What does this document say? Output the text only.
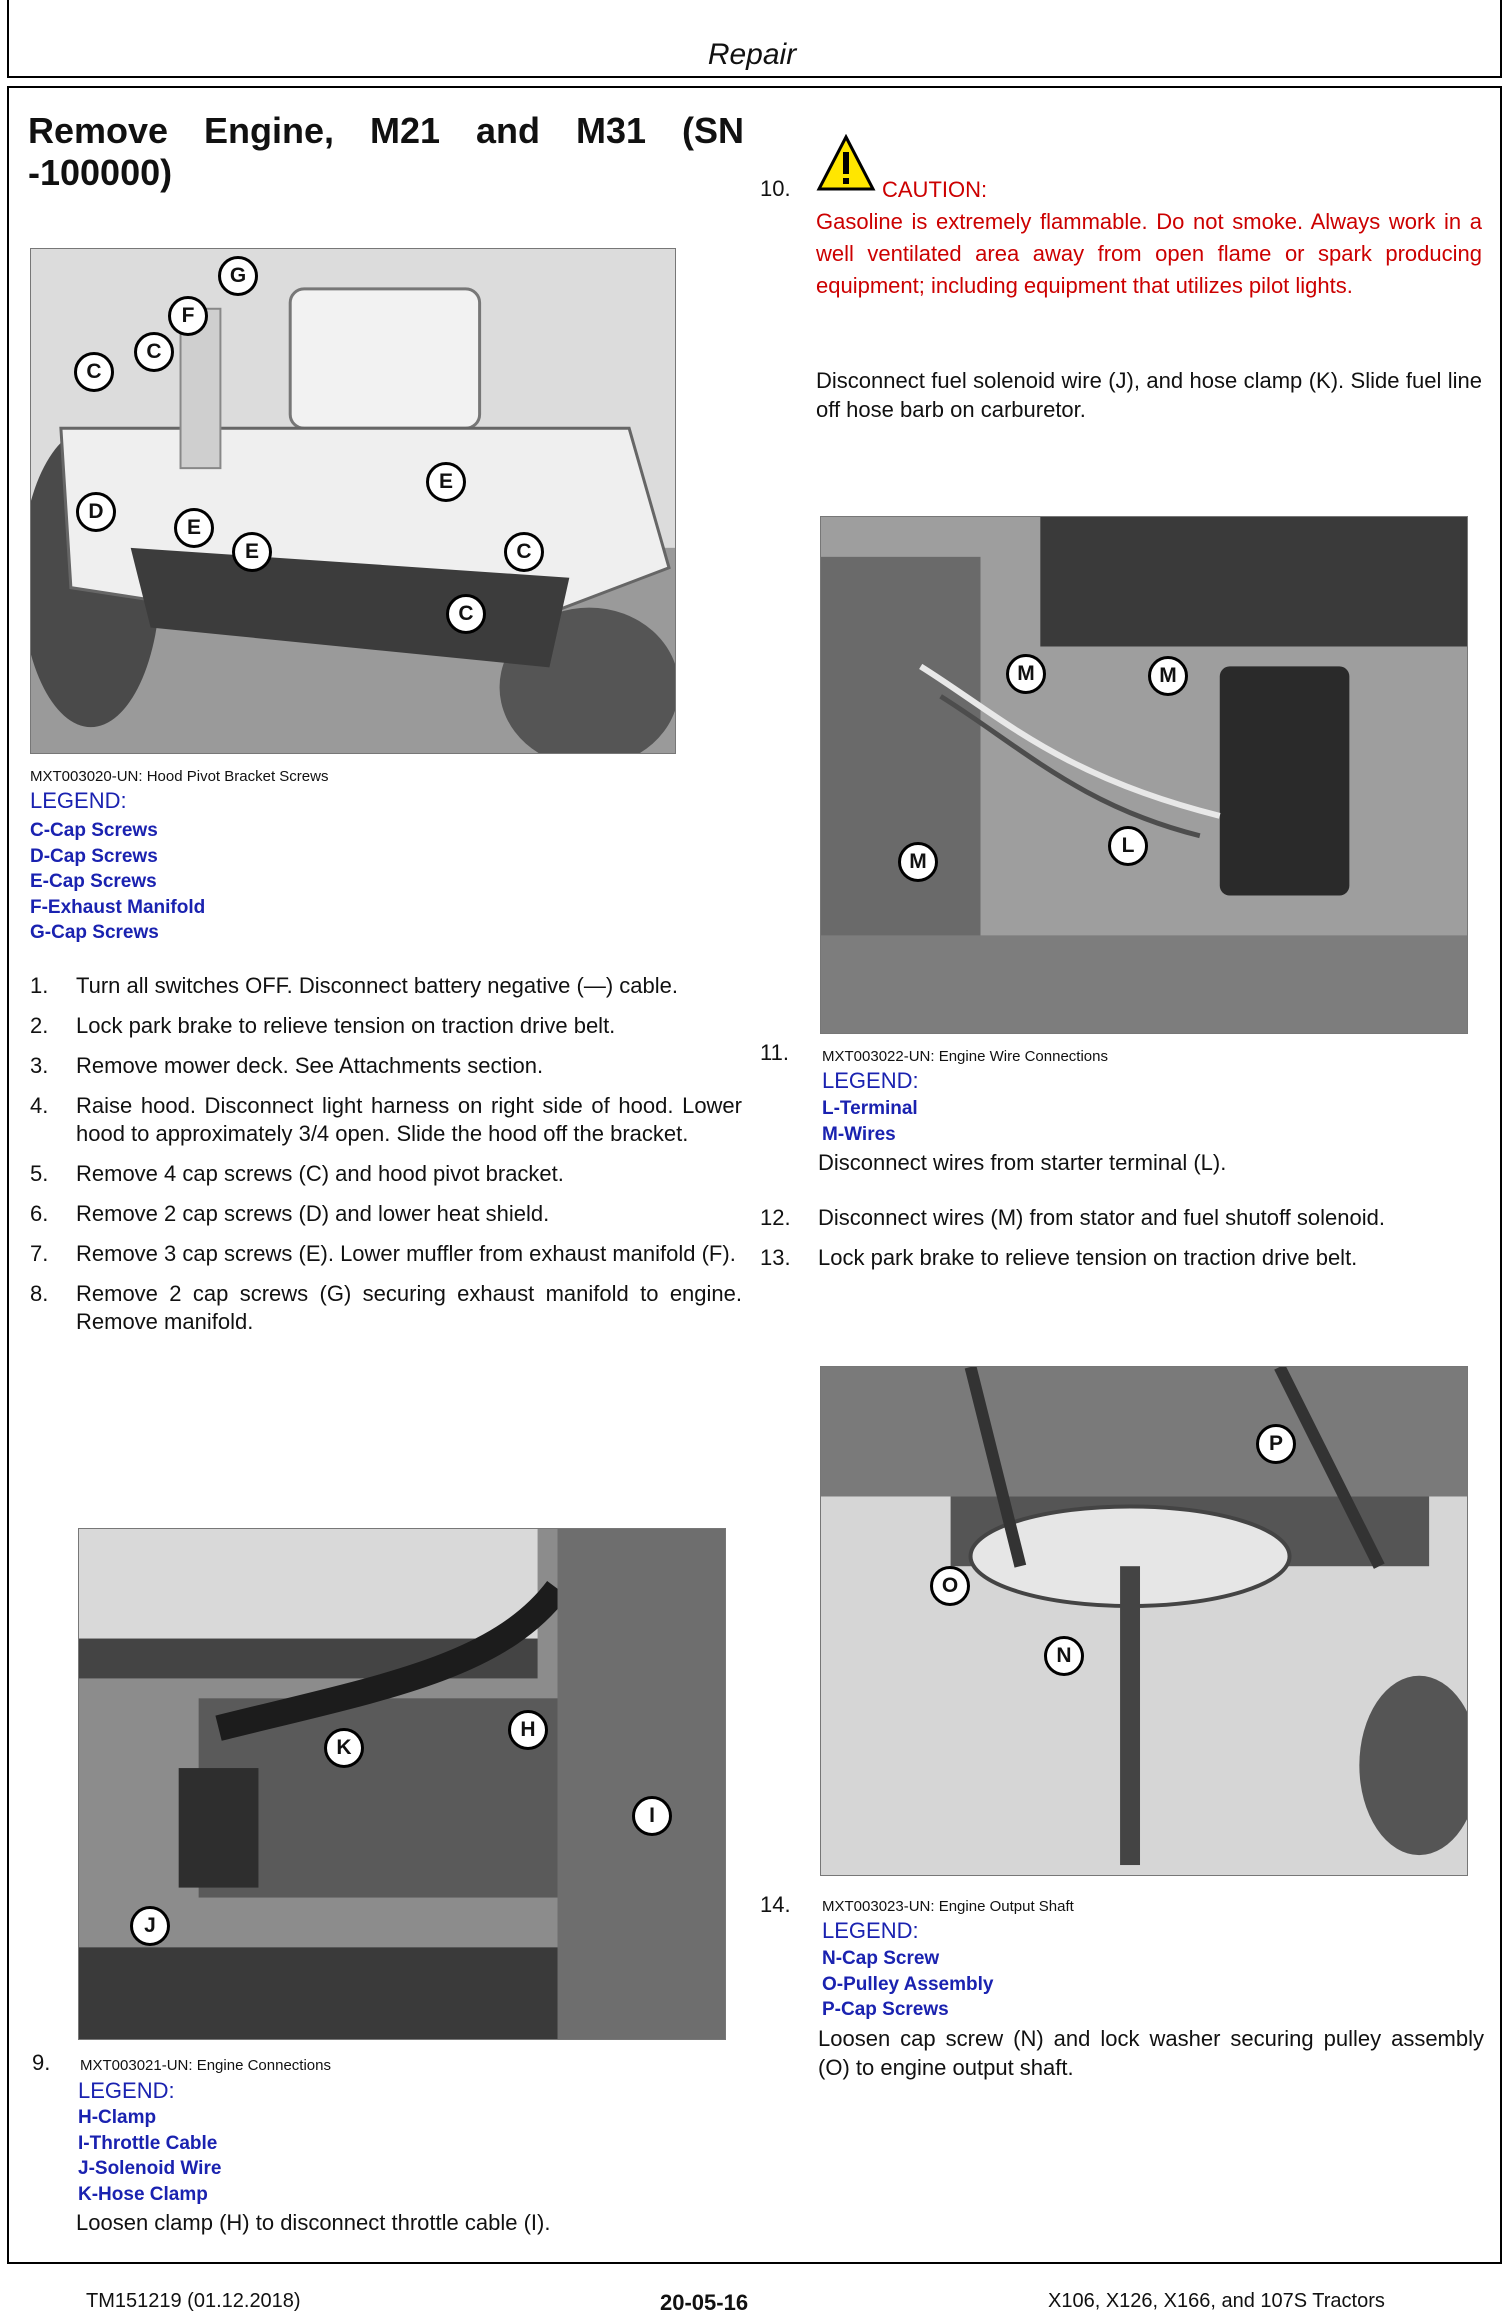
Repair
Remove Engine, M21 and M31 (SN
-100000)
G
F
C
C
E
D
E
E	C
C
MXT003020-UN: Hood Pivot Bracket Screws
LEGEND:
C-Cap Screws
D-Cap Screws
E-Cap Screws
F-Exhaust Manifold
G-Cap Screws
1. Turn all switches OFF. Disconnect battery negative (—) cable.
2. Lock park brake to relieve tension on traction drive belt.
3. Remove mower deck. See Attachments section.
4. Raise hood. Disconnect light harness on right side of hood. Lower hood to approximately 3/4 open. Slide the hood off the bracket.
5. Remove 4 cap screws (C) and hood pivot bracket.
6. Remove 2 cap screws (D) and lower heat shield.
7. Remove 3 cap screws (E). Lower muffler from exhaust manifold (F).
8. Remove 2 cap screws (G) securing exhaust manifold to engine. Remove manifold.
K
H
I
J
9. MXT003021-UN: Engine Connections
LEGEND:
H-Clamp
I-Throttle Cable
J-Solenoid Wire
K-Hose Clamp
Loosen clamp (H) to disconnect throttle cable (I).
10.	CAUTION:
Gasoline is extremely flammable. Do not smoke. Always work in a well ventilated area away from open flame or spark producing equipment; including equipment that utilizes pilot lights.
Disconnect fuel solenoid wire (J), and hose clamp (K). Slide fuel line off hose barb on carburetor.
M	M
M
L
11. MXT003022-UN: Engine Wire Connections
LEGEND:
L-Terminal
M-Wires
Disconnect wires from starter terminal (L).
12. Disconnect wires (M) from stator and fuel shutoff solenoid.
13. Lock park brake to relieve tension on traction drive belt.
P
O
N
14. MXT003023-UN: Engine Output Shaft
LEGEND:
N-Cap Screw
O-Pulley Assembly
P-Cap Screws
Loosen cap screw (N) and lock washer securing pulley assembly (O) to engine output shaft.
TM151219 (01.12.2018)	20-05-16	X106, X126, X166, and 107S Tractors
